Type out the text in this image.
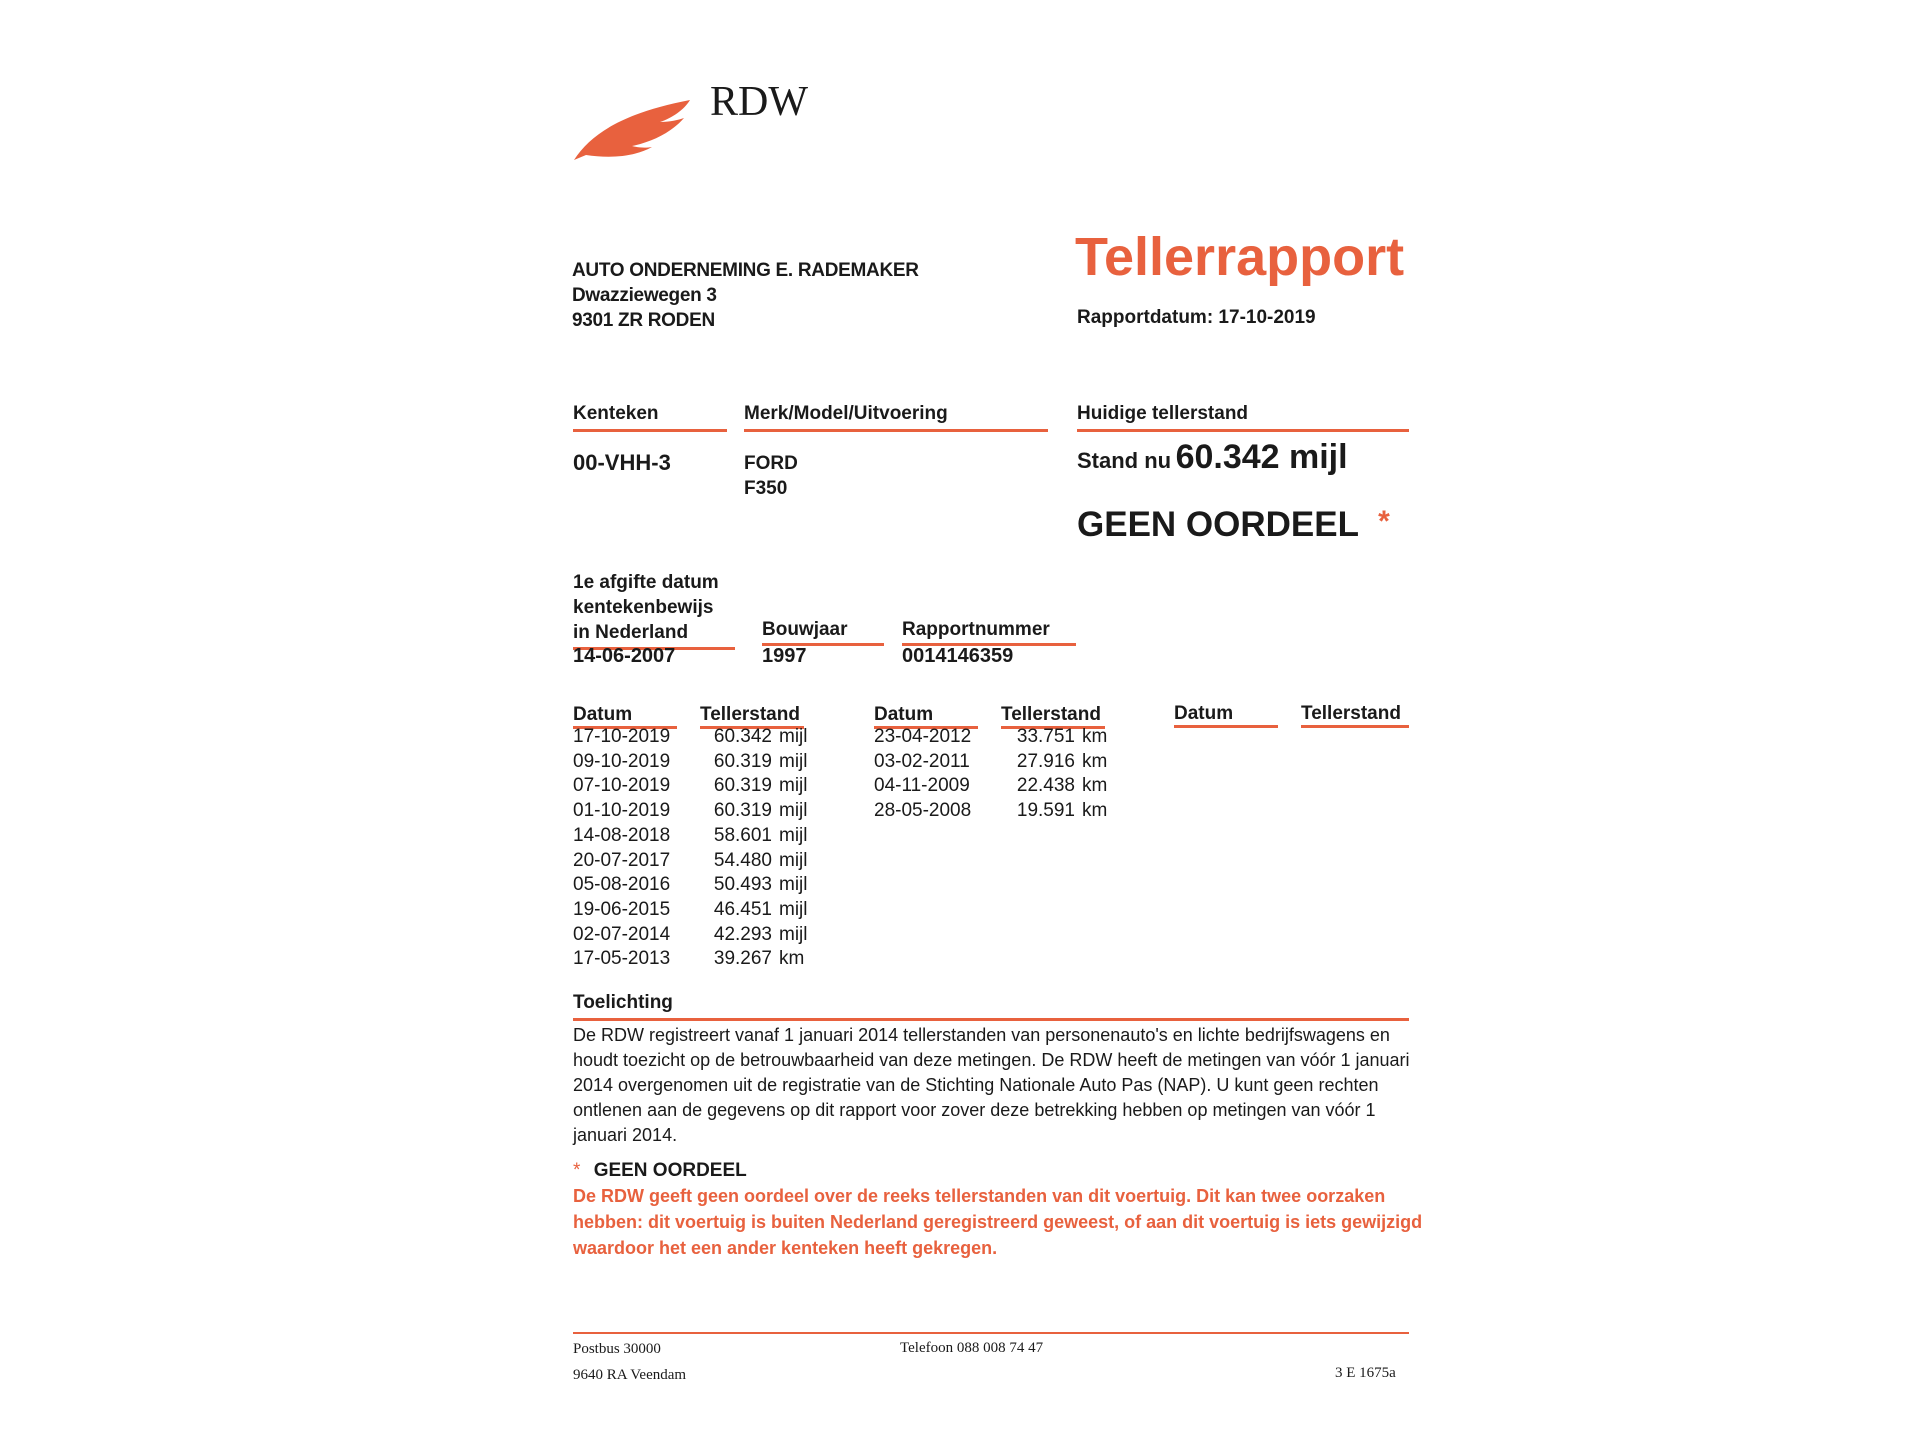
RDW
AUTO ONDERNEMING E. RADEMAKER
Dwazziewegen 3
9301 ZR RODEN
Tellerrapport
Rapportdatum: 17-10-2019
Kenteken	Merk/Model/Uitvoering	Huidige tellerstand
00-VHH-3	FORD
F350
Stand nu 60.342 mijl
GEEN OORDEEL *
1e afgifte datum
kentekenbewijs
in Nederland
14-06-2007
Bouwjaar
1997
Rapportnummer
0014146359
Datum	Tellerstand	Datum	Tellerstand	Datum	Tellerstand
17-10-2019	60.342 mijl
09-10-2019	60.319 mijl
07-10-2019	60.319 mijl
01-10-2019	60.319 mijl
14-08-2018	58.601 mijl
20-07-2017	54.480 mijl
05-08-2016	50.493 mijl
19-06-2015	46.451 mijl
02-07-2014	42.293 mijl
17-05-2013	39.267 km
23-04-2012	33.751 km
03-02-2011	27.916 km
04-11-2009	22.438 km
28-05-2008	19.591 km
Toelichting
De RDW registreert vanaf 1 januari 2014 tellerstanden van personenauto's en lichte bedrijfswagens en houdt toezicht op de betrouwbaarheid van deze metingen. De RDW heeft de metingen van vóór 1 januari 2014 overgenomen uit de registratie van de Stichting Nationale Auto Pas (NAP). U kunt geen rechten ontlenen aan de gegevens op dit rapport voor zover deze betrekking hebben op metingen van vóór 1 januari 2014.
* GEEN OORDEEL
De RDW geeft geen oordeel over de reeks tellerstanden van dit voertuig. Dit kan twee oorzaken hebben: dit voertuig is buiten Nederland geregistreerd geweest, of aan dit voertuig is iets gewijzigd waardoor het een ander kenteken heeft gekregen.
Postbus 30000
9640 RA Veendam
Telefoon 088 008 74 47
3 E 1675a
